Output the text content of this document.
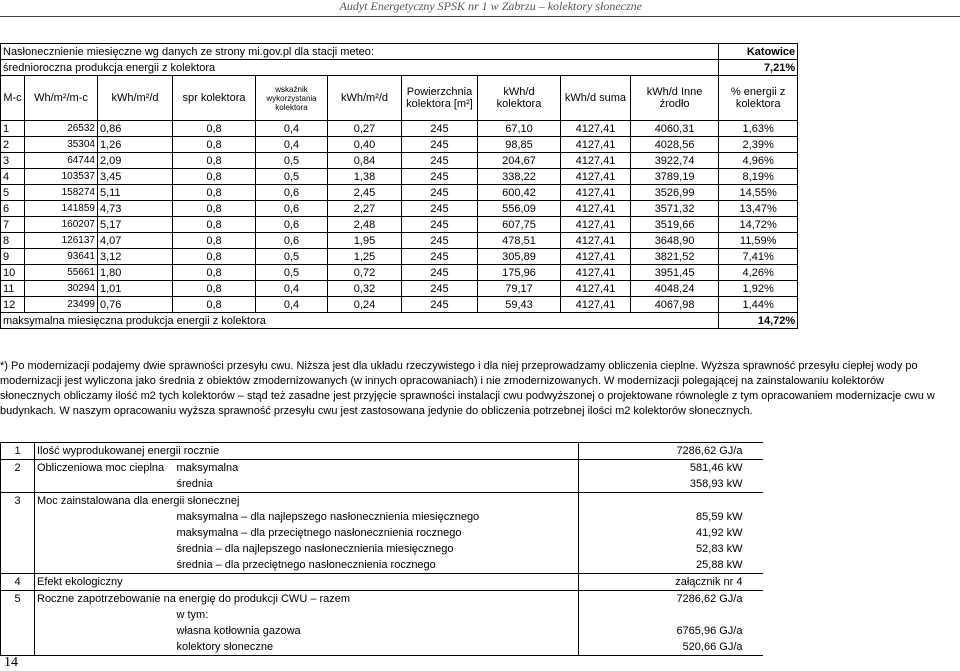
Audyt Energetyczny SPSK nr 1 w Zabrzu – kolektory słoneczne
Nasłonecznienie miesięczne wg danych ze strony mi.gov.pl dla stacji meteo:										Katowice
średnioroczna produkcja energii z kolektora										7,21%
M-c	Wh/m²/m-c	kWh/m²/d	spr kolektora	wskaźnik wykorzystania kolektora	kWh/m²/d	Powierzchnia kolektora [m²]	kWh/d kolektora	kWh/d suma	kWh/d Inne źrodło	% energii z kolektora
1	26532	0,86	0,8	0,4	0,27	245	67,10	4127,41	4060,31	1,63%
2	35304	1,26	0,8	0,4	0,40	245	98,85	4127,41	4028,56	2,39%
3	64744	2,09	0,8	0,5	0,84	245	204,67	4127,41	3922,74	4,96%
4	103537	3,45	0,8	0,5	1,38	245	338,22	4127,41	3789,19	8,19%
5	158274	5,11	0,8	0,6	2,45	245	600,42	4127,41	3526,99	14,55%
6	141859	4,73	0,8	0,6	2,27	245	556,09	4127,41	3571,32	13,47%
7	160207	5,17	0,8	0,6	2,48	245	607,75	4127,41	3519,66	14,72%
8	126137	4,07	0,8	0,6	1,95	245	478,51	4127,41	3648,90	11,59%
9	93641	3,12	0,8	0,5	1,25	245	305,89	4127,41	3821,52	7,41%
10	55661	1,80	0,8	0,5	0,72	245	175,96	4127,41	3951,45	4,26%
11	30294	1,01	0,8	0,4	0,32	245	79,17	4127,41	4048,24	1,92%
12	23499	0,76	0,8	0,4	0,24	245	59,43	4127,41	4067,98	1,44%
maksymalna miesięczna produkcja energii z kolektora										14,72%
*) Po modernizacji podajemy dwie sprawności przesyłu cwu. Niższa jest dla układu rzeczywistego i dla niej przeprowadzamy obliczenia cieplne. Wyższa sprawność przesyłu ciepłej wody po modernizacji jest wyliczona jako średnia z obiektów zmodernizowanych (w innych opracowaniach) i nie zmodernizowanych. W modernizacji polegającej na zainstalowaniu kolektorów słonecznych obliczamy ilość m2 tych kolektorów – stąd też zasadne jest przyjęcie sprawności instalacji cwu podwyższonej o projektowane równolegle z tym opracowaniem modernizacje cwu w budynkach. W naszym opracowaniu wyższa sprawność przesyłu cwu jest zastosowana jedynie do obliczenia potrzebnej ilości m2 kolektorów słonecznych.
1	Ilość wyprodukowanej energii rocznie		7286,62 GJ/a
2	Obliczeniowa moc cieplna	maksymalna	581,46 kW
		średnia	358,93 kW
3	Moc zainstalowana dla energii słonecznej		
		maksymalna – dla najlepszego nasłonecznienia miesięcznego	85,59 kW
		maksymalna – dla przeciętnego nasłonecznienia rocznego	41,92 kW
		średnia – dla najlepszego nasłonecznienia miesięcznego	52,83 kW
		średnia – dla przeciętnego nasłonecznienia rocznego	25,88 kW
4	Efekt ekologiczny		załącznik nr 4
5	Roczne zapotrzebowanie na energię do produkcji CWU – razem		7286,62 GJ/a
		w tym:	
		własna kotłownia gazowa	6765,96 GJ/a
		kolektory słoneczne	520,66 GJ/a
14
